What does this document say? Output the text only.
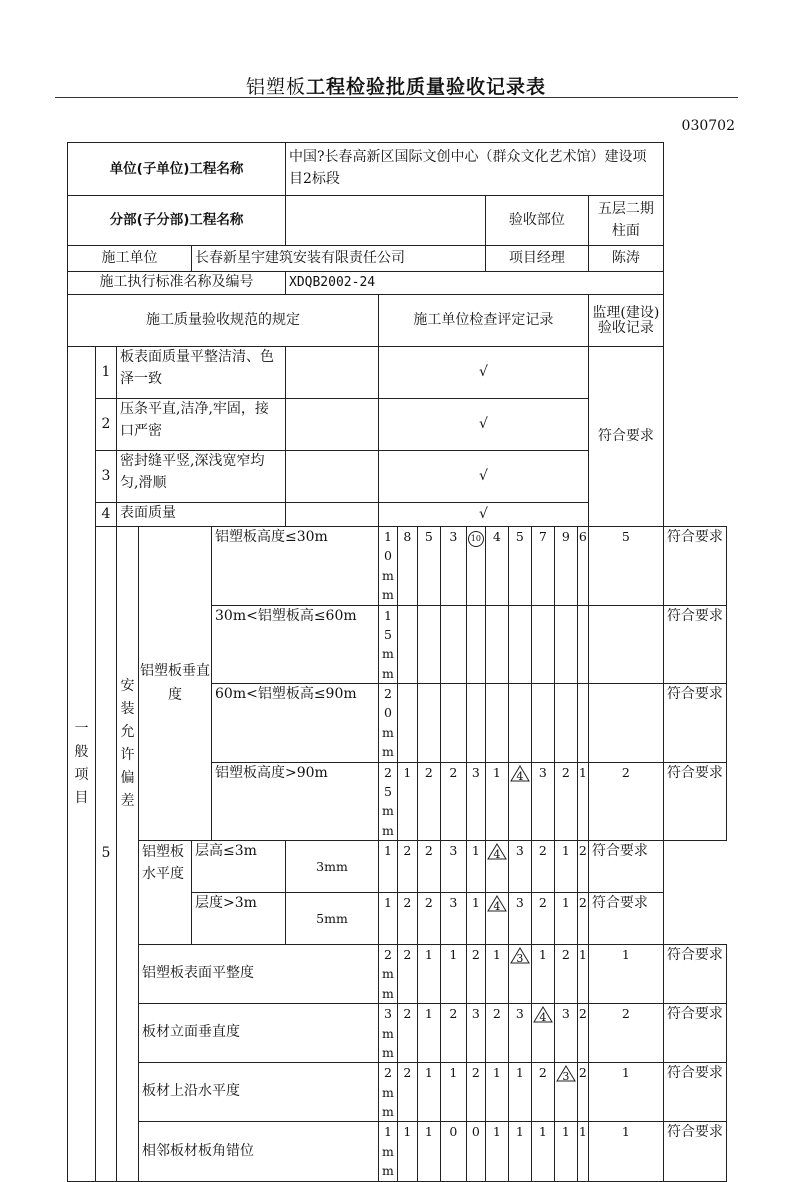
铝塑板工程检验批质量验收记录表
030702
单位(子单位)工程名称						中国?长春高新区国际文创中心（群众文化艺术馆）建设项目2标段												
分部(子分部)工程名称												验收部位					五层二期柱面	
施工单位				长春新星宇建筑安装有限责任公司								项目经理					陈涛	
施工执行标准名称及编号						XDQB2002-24												
施工质量验收规范的规定							施工单位检查评定记录										监理(建设)验收记录	
一般项目	1	板表面质量平整洁清、色泽一致					√										符合要求	
	2	压条平直,洁净,牢固，接口严密					√											
	3	密封缝平竖,深浅宽窄均匀,滑顺					√											
	4	表面质量					√											
	5	安装允许偏差	铝塑板垂直度		铝塑板高度≤30m		10mm	8	5	3	10	4	5	7	9	6	5	符合要求
					30m<铝塑板高≤60m		15mm											符合要求
					60m<铝塑板高≤90m		20mm											符合要求
					铝塑板高度>90m		25mm	1	2	2	3	1	4	3	2	1	2	符合要求
			铝塑板水平度	层高≤3m		3mm	1	2	2	3	1	4	3	2	1	2	符合要求	
				层度>3m		5mm	1	2	2	3	1	4	3	2	1	2	符合要求	
			铝塑板表面平整度				2mm	2	1	1	2	1	3	1	2	1	1	符合要求
			板材立面垂直度				3mm	2	1	2	3	2	3	4	3	2	2	符合要求
			板材上沿水平度				2mm	2	1	1	2	1	1	2	3	2	1	符合要求
			相邻板材板角错位				1mm	1	1	0	0	1	1	1	1	1	1	符合要求
